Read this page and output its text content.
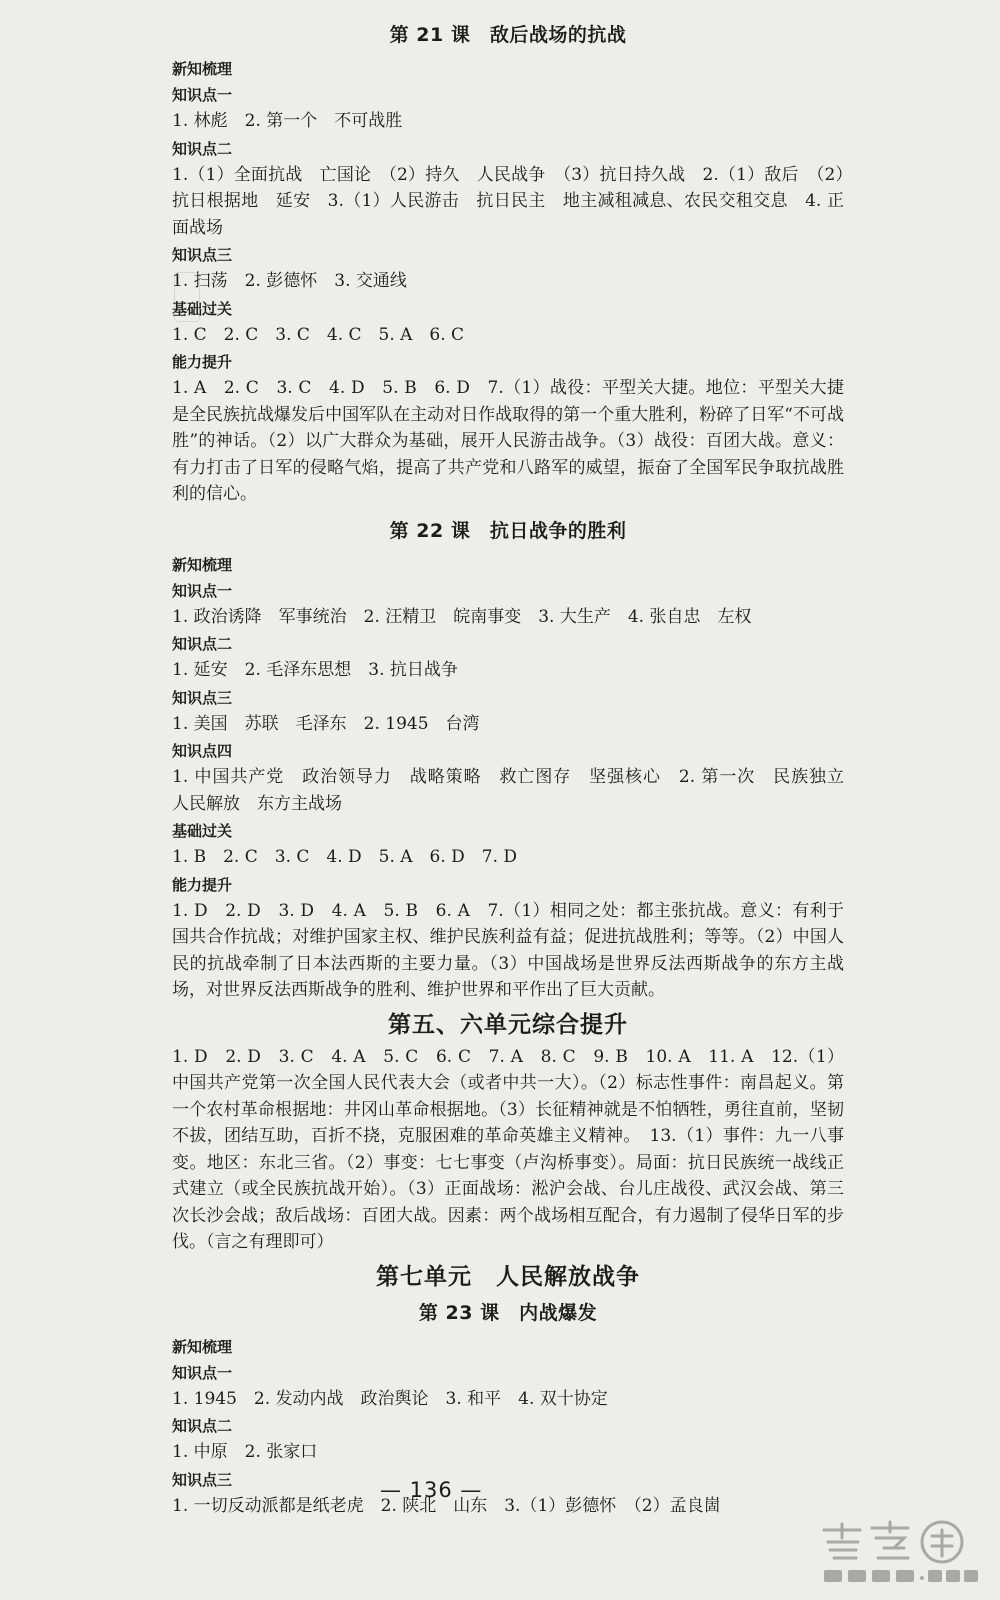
第 21 课　敌后战场的抗战
新知梳理
知识点一
1. 林彪　2. 第一个　不可战胜
知识点二
1.（1）全面抗战　亡国论　（2）持久　人民战争　（3）抗日持久战　2.（1）敌后　（2）抗日根据地　延安　3.（1）人民游击　抗日民主　地主减租减息、农民交租交息　4. 正面战场
知识点三
1. 扫荡　2. 彭德怀　3. 交通线
基础过关
1. C　2. C　3. C　4. C　5. A　6. C
能力提升
1. A　2. C　3. C　4. D　5. B　6. D　7.（1）战役：平型关大捷。地位：平型关大捷是全民族抗战爆发后中国军队在主动对日作战取得的第一个重大胜利，粉碎了日军“不可战胜”的神话。（2）以广大群众为基础，展开人民游击战争。（3）战役：百团大战。意义：有力打击了日军的侵略气焰，提高了共产党和八路军的威望，振奋了全国军民争取抗战胜利的信心。
第 22 课　抗日战争的胜利
新知梳理
知识点一
1. 政治诱降　军事统治　2. 汪精卫　皖南事变　3. 大生产　4. 张自忠　左权
知识点二
1. 延安　2. 毛泽东思想　3. 抗日战争
知识点三
1. 美国　苏联　毛泽东　2. 1945　台湾
知识点四
1. 中国共产党　政治领导力　战略策略　救亡图存　坚强核心　2. 第一次　民族独立　人民解放　东方主战场
基础过关
1. B　2. C　3. C　4. D　5. A　6. D　7. D
能力提升
1. D　2. D　3. D　4. A　5. B　6. A　7.（1）相同之处：都主张抗战。意义：有利于国共合作抗战；对维护国家主权、维护民族利益有益；促进抗战胜利；等等。（2）中国人民的抗战牵制了日本法西斯的主要力量。（3）中国战场是世界反法西斯战争的东方主战场，对世界反法西斯战争的胜利、维护世界和平作出了巨大贡献。
第五、六单元综合提升
1. D　2. D　3. C　4. A　5. C　6. C　7. A　8. C　9. B　10. A　11. A　12.（1）中国共产党第一次全国人民代表大会（或者中共一大）。（2）标志性事件：南昌起义。第一个农村革命根据地：井冈山革命根据地。（3）长征精神就是不怕牺牲，勇往直前，坚韧不拔，团结互助，百折不挠，克服困难的革命英雄主义精神。　13.（1）事件：九一八事变。地区：东北三省。（2）事变：七七事变（卢沟桥事变）。局面：抗日民族统一战线正式建立（或全民族抗战开始）。（3）正面战场：淞沪会战、台儿庄战役、武汉会战、第三次长沙会战；敌后战场：百团大战。因素：两个战场相互配合，有力遏制了侵华日军的步伐。（言之有理即可）
第七单元　人民解放战争
第 23 课　内战爆发
新知梳理
知识点一
1. 1945　2. 发动内战　政治舆论　3. 和平　4. 双十协定
知识点二
1. 中原　2. 张家口
知识点三
1. 一切反动派都是纸老虎　2. 陕北　山东　3.（1）彭德怀　（2）孟良崮
— 136 —
